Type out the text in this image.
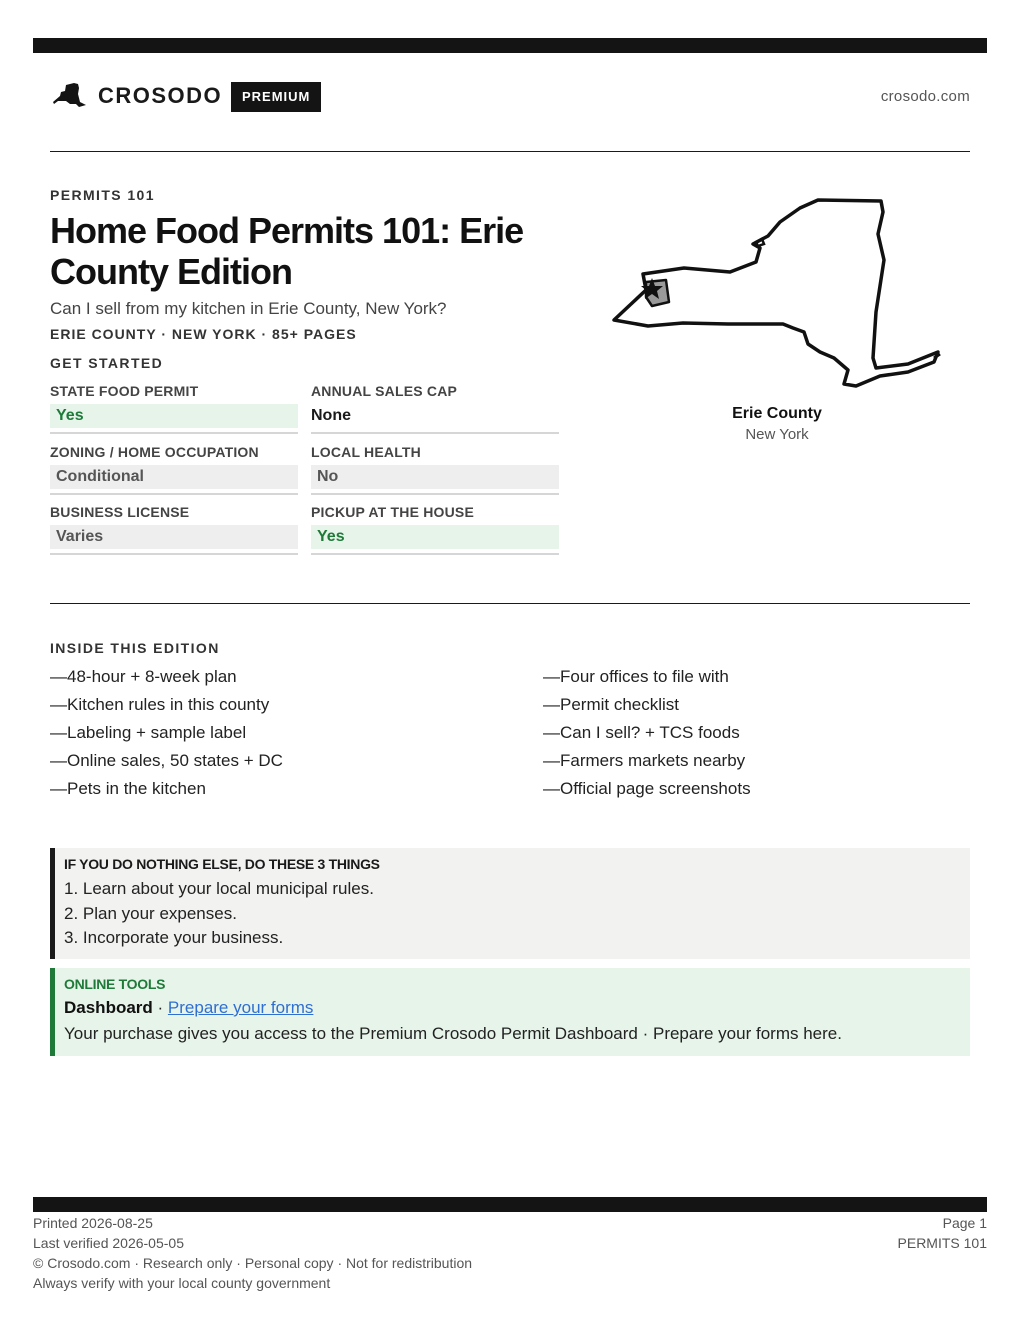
CROSODO	PREMIUM	crosodo.com
PERMITS 101
Home Food Permits 101: Erie County Edition
Can I sell from my kitchen in Erie County, New York?
ERIE COUNTY · NEW YORK · 85+ PAGES
GET STARTED
STATE FOOD PERMIT
Yes
ANNUAL SALES CAP
None
ZONING / HOME OCCUPATION
Conditional
LOCAL HEALTH
No
BUSINESS LICENSE
Varies
PICKUP AT THE HOUSE
Yes
Erie County
New York
INSIDE THIS EDITION
—48-hour + 8-week plan
—Kitchen rules in this county
—Labeling + sample label
—Online sales, 50 states + DC
—Pets in the kitchen
—Four offices to file with
—Permit checklist
—Can I sell? + TCS foods
—Farmers markets nearby
—Official page screenshots
IF YOU DO NOTHING ELSE, DO THESE 3 THINGS
1. Learn about your local municipal rules.
2. Plan your expenses.
3. Incorporate your business.
ONLINE TOOLS
Dashboard · Prepare your forms
Your purchase gives you access to the Premium Crosodo Permit Dashboard · Prepare your forms here.
Printed 2026-08-25
Last verified 2026-05-05
© Crosodo.com · Research only · Personal copy · Not for redistribution
Always verify with your local county government
Page 1
PERMITS 101
